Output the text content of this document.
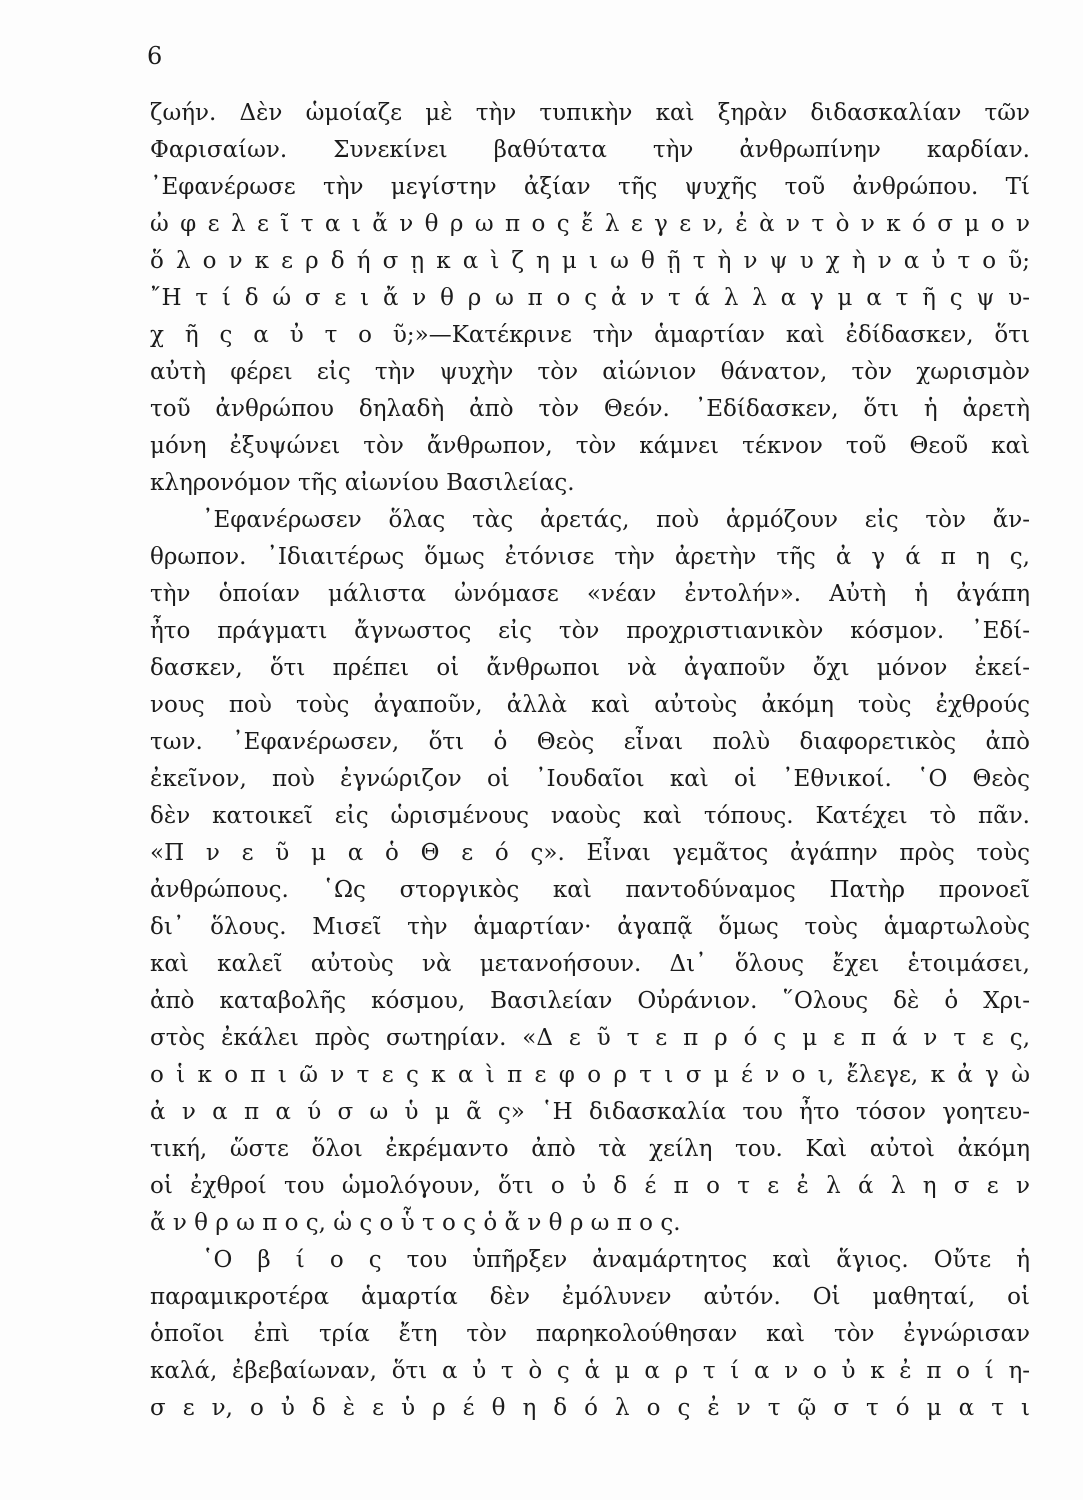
6
ζωήν. Δὲν ὡμοίαζε μὲ τὴν τυπικὴν καὶ ξηρὰν διδασκαλίαν τῶν
Φαρισαίων. Συνεκίνει βαθύτατα τὴν ἀνθρωπίνην καρδίαν.
᾿Εφανέρωσε τὴν μεγίστην ἀξίαν τῆς ψυχῆς τοῦ ἀνθρώπου. Τί
ὠ φ ε λ ε ῖ τ α ι ἄ ν θ ρ ω π ο ς ἔ λ ε γ ε ν, ἐ ὰ ν τ ὸ ν κ ό σ μ ο ν
ὅ λ ο ν κ ε ρ δ ή σ ῃ κ α ὶ ζ η μ ι ω θ ῇ τ ὴ ν ψ υ χ ὴ ν α ὐ τ ο ῦ;
῎Η τ ί δ ώ σ ε ι ἄ ν θ ρ ω π ο ς ἀ ν τ ά λ λ α γ μ α τ ῆ ς ψ υ-
χ ῆ ς α ὐ τ ο ῦ;»—Κατέκρινε τὴν ἁμαρτίαν καὶ ἐδίδασκεν, ὅτι
αὐτὴ φέρει εἰς τὴν ψυχὴν τὸν αἰώνιον θάνατον, τὸν χωρισμὸν
τοῦ ἀνθρώπου δηλαδὴ ἀπὸ τὸν Θεόν. ᾿Εδίδασκεν, ὅτι ἡ ἀρετὴ
μόνη ἐξυψώνει τὸν ἄνθρωπον, τὸν κάμνει τέκνον τοῦ Θεοῦ καὶ
κληρονόμον τῆς αἰωνίου Βασιλείας.
᾿Εφανέρωσεν ὅλας τὰς ἀρετάς, ποὺ ἁρμόζουν εἰς τὸν ἄν-
θρωπον. ᾿Ιδιαιτέρως ὅμως ἐτόνισε τὴν ἀρετὴν τῆς ἀ γ ά π η ς,
τὴν ὁποίαν μάλιστα ὠνόμασε «νέαν ἐντολήν». Αὐτὴ ἡ ἀγάπη
ἦτο πράγματι ἄγνωστος εἰς τὸν προχριστιανικὸν κόσμον. ᾿Εδί-
δασκεν, ὅτι πρέπει οἱ ἄνθρωποι νὰ ἀγαποῦν ὄχι μόνον ἐκεί-
νους ποὺ τοὺς ἀγαποῦν, ἀλλὰ καὶ αὐτοὺς ἀκόμη τοὺς ἐχθρούς
των. ᾿Εφανέρωσεν, ὅτι ὁ Θεὸς εἶναι πολὺ διαφορετικὸς ἀπὸ
ἐκεῖνον, ποὺ ἐγνώριζον οἱ ᾿Ιουδαῖοι καὶ οἱ ᾿Εθνικοί. ῾Ο Θεὸς
δὲν κατοικεῖ εἰς ὡρισμένους ναοὺς καὶ τόπους. Κατέχει τὸ πᾶν.
«Π ν ε ῦ μ α ὁ Θ ε ό ς». Εἶναι γεμᾶτος ἀγάπην πρὸς τοὺς
ἀνθρώπους. ῾Ως στοργικὸς καὶ παντοδύναμος Πατὴρ προνοεῖ
δι᾿ ὅλους. Μισεῖ τὴν ἁμαρτίαν· ἀγαπᾷ ὅμως τοὺς ἁμαρτωλοὺς
καὶ καλεῖ αὐτοὺς νὰ μετανοήσουν. Δι᾿ ὅλους ἔχει ἑτοιμάσει,
ἀπὸ καταβολῆς κόσμου, Βασιλείαν Οὐράνιον. ῞Ολους δὲ ὁ Χρι-
στὸς ἐκάλει πρὸς σωτηρίαν. «Δ ε ῦ τ ε π ρ ό ς μ ε π ά ν τ ε ς,
ο ἱ κ ο π ι ῶ ν τ ε ς κ α ὶ π ε φ ο ρ τ ι σ μ έ ν ο ι, ἔλεγε, κ ἀ γ ὼ
ἀ ν α π α ύ σ ω ὑ μ ᾶ ς» ῾Η διδασκαλία του ἦτο τόσον γοητευ-
τική, ὥστε ὅλοι ἐκρέμαντο ἀπὸ τὰ χείλη του. Καὶ αὐτοὶ ἀκόμη
οἱ ἐχθροί του ὡμολόγουν, ὅτι ο ὐ δ έ π ο τ ε ἐ λ ά λ η σ ε ν
ἄ ν θ ρ ω π ο ς, ὡ ς ο ὗ τ ο ς ὁ ἄ ν θ ρ ω π ο ς.
῾Ο β ί ο ς του ὑπῆρξεν ἀναμάρτητος καὶ ἅγιος. Οὔτε ἡ
παραμικροτέρα ἁμαρτία δὲν ἐμόλυνεν αὐτόν. Οἱ μαθηταί, οἱ
ὁποῖοι ἐπὶ τρία ἔτη τὸν παρηκολούθησαν καὶ τὸν ἐγνώρισαν
καλά, ἐβεβαίωναν, ὅτι α ὐ τ ὸ ς ἁ μ α ρ τ ί α ν ο ὐ κ ἐ π ο ί η-
σ ε ν, ο ὐ δ ὲ ε ὑ ρ έ θ η δ ό λ ο ς ἐ ν τ ῷ σ τ ό μ α τ ι
